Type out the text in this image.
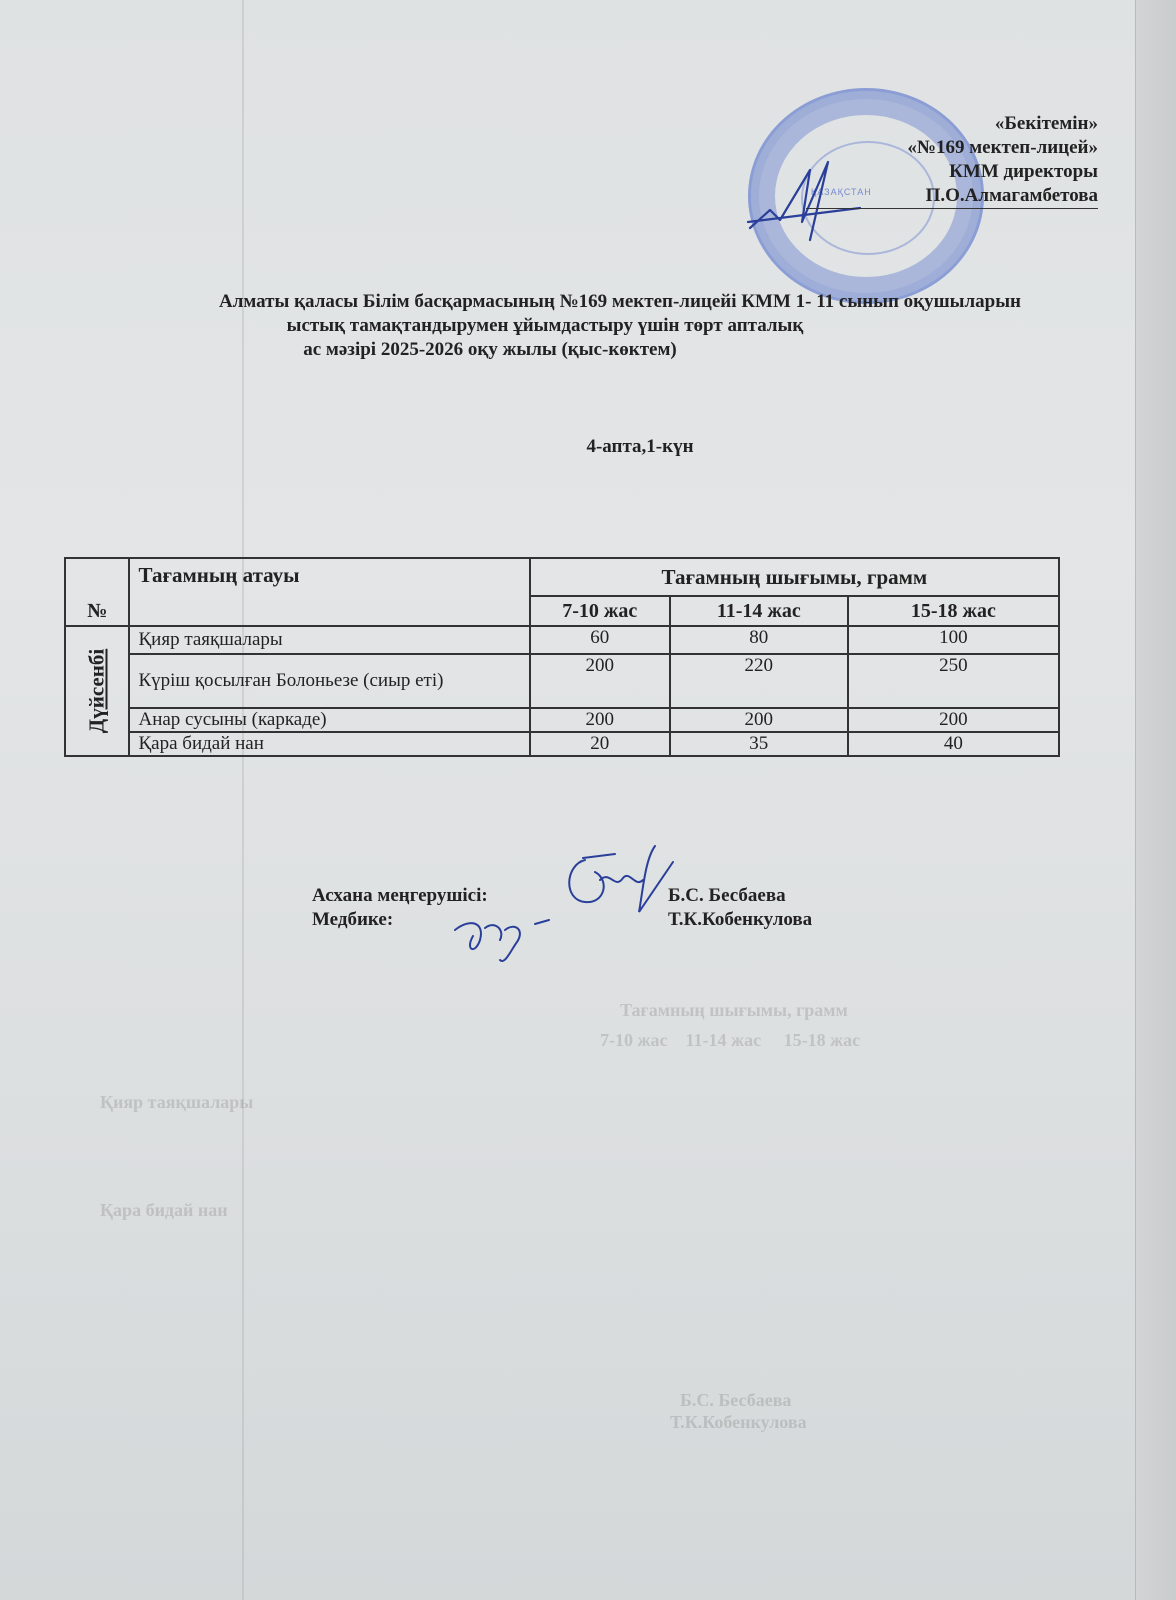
Тағамның шығымы, грамм
7-10 жас    11-14 жас     15-18 жас
Қияр таяқшалары
Қара бидай нан
Б.С. Бесбаева
Т.К.Кобенкулова
ҚАЗАҚСТАН
«Бекітемін»
«№169 мектеп-лицей»
КММ директоры
П.О.Алмагамбетова
Алматы қаласы Білім басқармасының №169 мектеп-лицейі КММ 1- 11 сынып оқушыларын
ыстық тамақтандырумен ұйымдастыру үшін төрт апталық
ас мәзірі 2025-2026 оқу жылы (қыс-көктем)
4-апта,1-күн
№	Тағамның атауы	Тағамның шығымы, грамм		
		7-10 жас	11-14 жас	15-18 жас

Дүйсенбі	Қияр таяқшалары	60	80	100
	Күріш қосылған Болоньезе (сиыр еті)	200	220	250
	Анар сусыны (каркаде)	200	200	200
	Қара бидай нан	20	35	40
Асхана меңгерушісі:	Б.С. Бесбаева
Медбике:	Т.К.Кобенкулова
